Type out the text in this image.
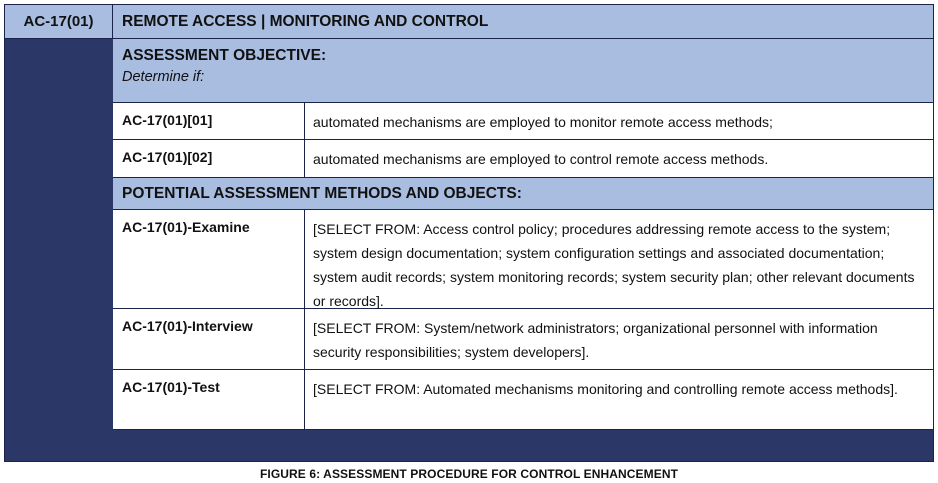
AC-17(01)	REMOTE ACCESS | MONITORING AND CONTROL
ASSESSMENT OBJECTIVE:
Determine if:
AC-17(01)[01]	automated mechanisms are employed to monitor remote access methods;
AC-17(01)[02]	automated mechanisms are employed to control remote access methods.
POTENTIAL ASSESSMENT METHODS AND OBJECTS:
AC-17(01)-Examine	[SELECT FROM: Access control policy; procedures addressing remote access to the system; system design documentation; system configuration settings and associated documentation; system audit records; system monitoring records; system security plan; other relevant documents or records].
AC-17(01)-Interview	[SELECT FROM: System/network administrators; organizational personnel with information security responsibilities; system developers].
AC-17(01)-Test	[SELECT FROM: Automated mechanisms monitoring and controlling remote access methods].
FIGURE 6: ASSESSMENT PROCEDURE FOR CONTROL ENHANCEMENT
